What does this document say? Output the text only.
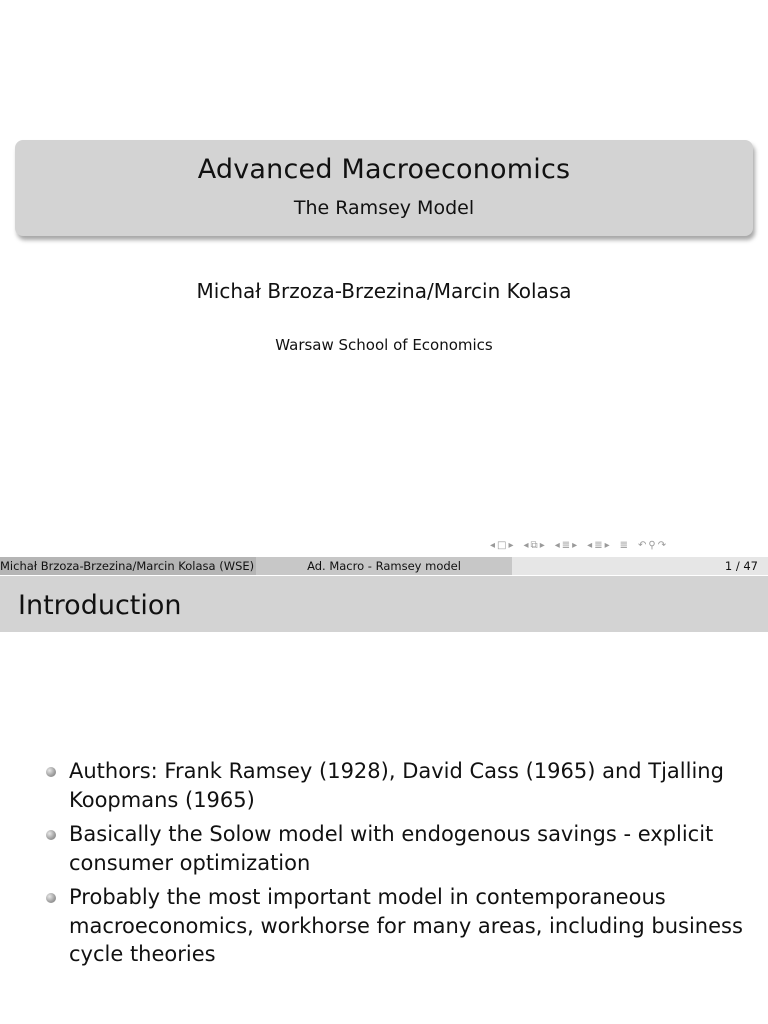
Advanced Macroeconomics
The Ramsey Model
Michał Brzoza-Brzezina/Marcin Kolasa
Warsaw School of Economics
◂ □ ▸ ◂ ⧉ ▸ ◂ ≣ ▸ ◂ ≣ ▸ ≣ ↶ ⚲ ↷
Michał Brzoza-Brzezina/Marcin Kolasa (WSE)	Ad. Macro - Ramsey model	1 / 47
Introduction
Authors: Frank Ramsey (1928), David Cass (1965) and Tjalling Koopmans (1965)
Basically the Solow model with endogenous savings - explicit consumer optimization
Probably the most important model in contemporaneous macroeconomics, workhorse for many areas, including business cycle theories
